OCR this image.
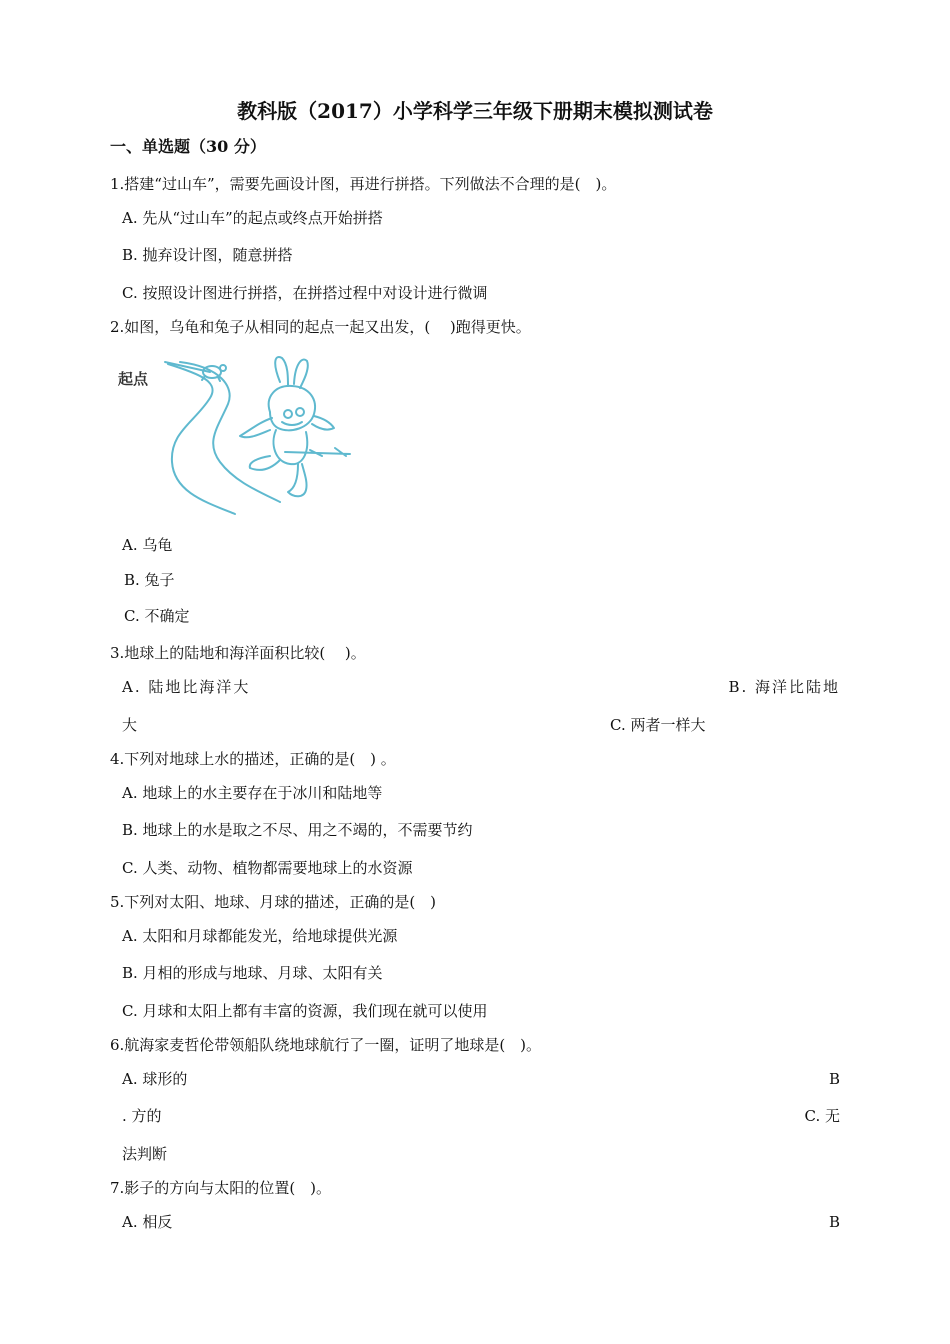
教科版（2017）小学科学三年级下册期末模拟测试卷
一、单选题（30 分）
1.搭建“过山车”，需要先画设计图，再进行拼搭。下列做法不合理的是(　)。
A. 先从“过山车”的起点或终点开始拼搭
B. 抛弃设计图，随意拼搭
C. 按照设计图进行拼搭，在拼搭过程中对设计进行微调
2.如图，乌龟和兔子从相同的起点一起又出发，(　 )跑得更快。
起点
A. 乌龟
B. 兔子
C. 不确定
3.地球上的陆地和海洋面积比较(　 )。
A. 陆地比海洋大	B. 海洋比陆地
大	C. 两者一样大
4.下列对地球上水的描述，正确的是(　) 。
A. 地球上的水主要存在于冰川和陆地等
B. 地球上的水是取之不尽、用之不竭的，不需要节约
C. 人类、动物、植物都需要地球上的水资源
5.下列对太阳、地球、月球的描述，正确的是(　)
A. 太阳和月球都能发光，给地球提供光源
B. 月相的形成与地球、月球、太阳有关
C. 月球和太阳上都有丰富的资源，我们现在就可以使用
6.航海家麦哲伦带领船队绕地球航行了一圈，证明了地球是(　)。
A. 球形的	B
. 方的	C. 无
法判断
7.影子的方向与太阳的位置(　)。
A. 相反	B
